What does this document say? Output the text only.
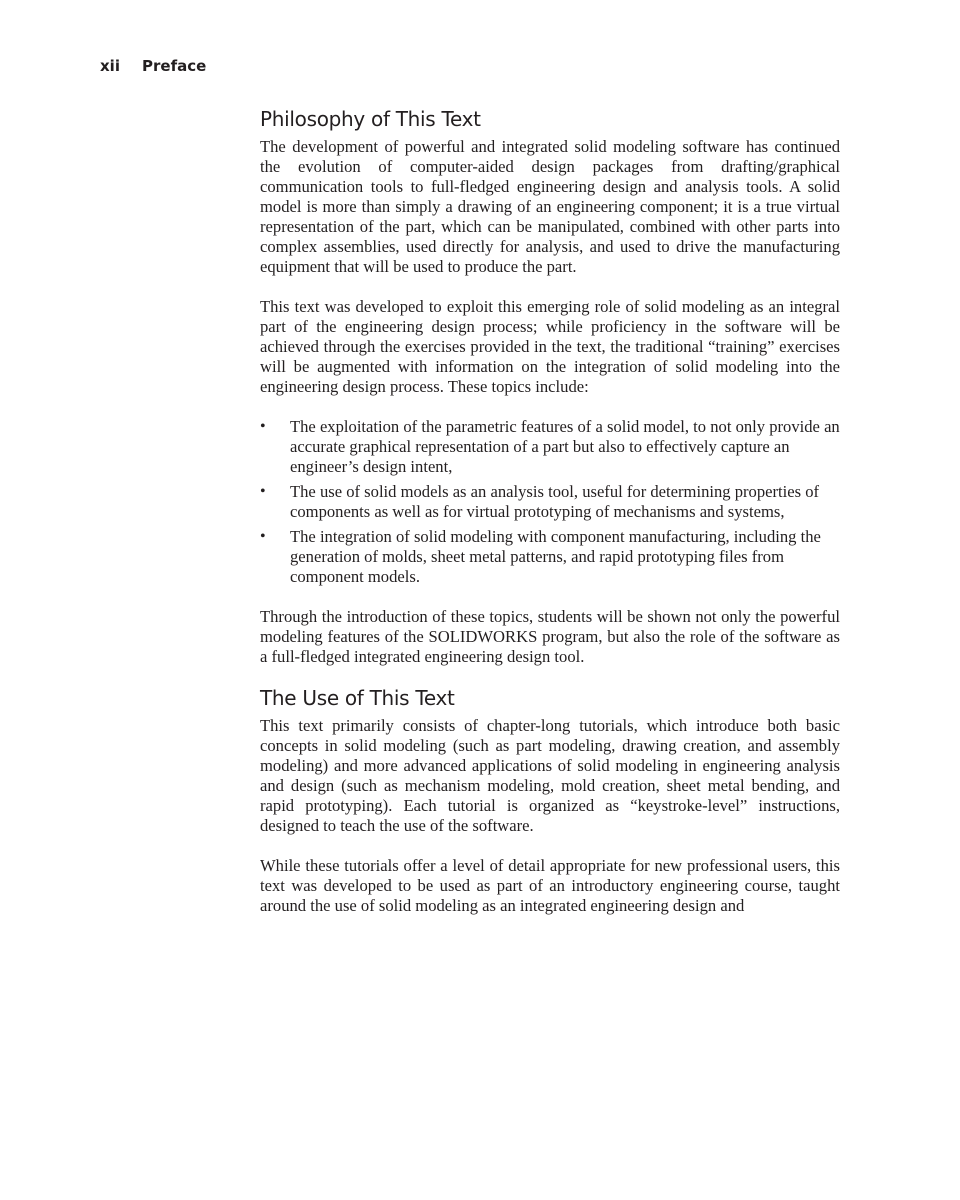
xii Preface
Philosophy of This Text

The development of powerful and integrated solid modeling software has continued the evolution of computer-aided design packages from drafting/graphical communication tools to full-fledged engineering design and analysis tools. A solid model is more than simply a drawing of an engineering component; it is a true virtual representation of the part, which can be manipulated, combined with other parts into complex assemblies, used directly for analysis, and used to drive the manufacturing equipment that will be used to produce the part.

This text was developed to exploit this emerging role of solid modeling as an integral part of the engineering design process; while proficiency in the software will be achieved through the exercises provided in the text, the traditional “training” exercises will be augmented with information on the integration of solid modeling into the engineering design process. These topics include:

• The exploitation of the parametric features of a solid model, to not only provide an accurate graphical representation of a part but also to effectively capture an engineer’s design intent,
• The use of solid models as an analysis tool, useful for determining properties of components as well as for virtual prototyping of mechanisms and systems,
• The integration of solid modeling with component manufacturing, including the generation of molds, sheet metal patterns, and rapid prototyping files from component models.

Through the introduction of these topics, students will be shown not only the powerful modeling features of the SOLIDWORKS program, but also the role of the software as a full-fledged integrated engineering design tool.

The Use of This Text

This text primarily consists of chapter-long tutorials, which introduce both basic concepts in solid modeling (such as part modeling, drawing creation, and assembly modeling) and more advanced applications of solid modeling in engineering analysis and design (such as mechanism modeling, mold creation, sheet metal bending, and rapid prototyping). Each tutorial is organized as “keystroke-level” instructions, designed to teach the use of the software.

While these tutorials offer a level of detail appropriate for new professional users, this text was developed to be used as part of an introductory engineering course, taught around the use of solid modeling as an integrated engineering design and
